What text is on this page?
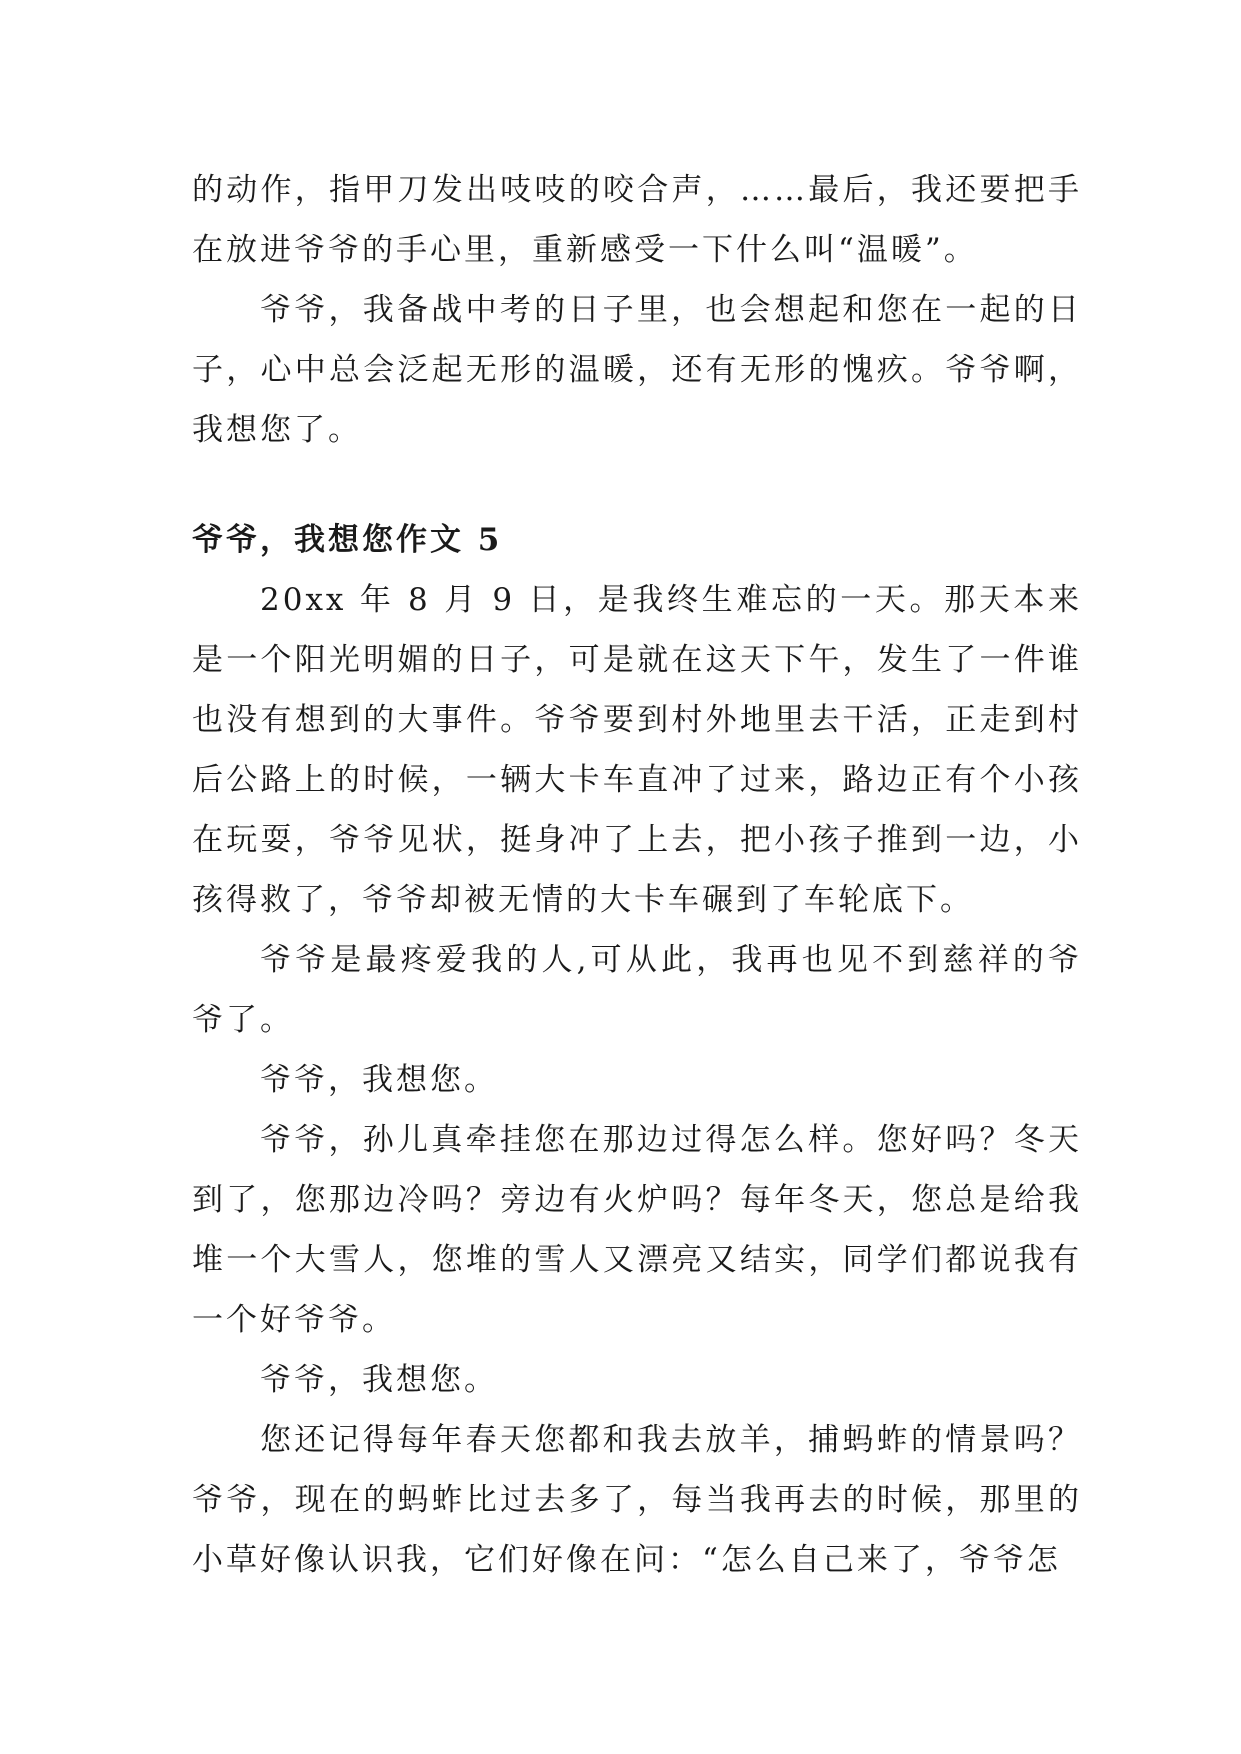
的动作，指甲刀发出吱吱的咬合声，……最后，我还要把手在放进爷爷的手心里，重新感受一下什么叫“温暖”。

爷爷，我备战中考的日子里，也会想起和您在一起的日子，心中总会泛起无形的温暖，还有无形的愧疚。爷爷啊，我想您了。

爷爷，我想您作文 5

20xx 年 8 月 9 日，是我终生难忘的一天。那天本来是一个阳光明媚的日子，可是就在这天下午，发生了一件谁也没有想到的大事件。爷爷要到村外地里去干活，正走到村后公路上的时候，一辆大卡车直冲了过来，路边正有个小孩在玩耍，爷爷见状，挺身冲了上去，把小孩子推到一边，小孩得救了，爷爷却被无情的大卡车碾到了车轮底下。

爷爷是最疼爱我的人,可从此，我再也见不到慈祥的爷爷了。

爷爷，我想您。

爷爷，孙儿真牵挂您在那边过得怎么样。您好吗？冬天到了，您那边冷吗？旁边有火炉吗？每年冬天，您总是给我堆一个大雪人，您堆的雪人又漂亮又结实，同学们都说我有一个好爷爷。

爷爷，我想您。

您还记得每年春天您都和我去放羊，捕蚂蚱的情景吗？爷爷，现在的蚂蚱比过去多了，每当我再去的时候，那里的小草好像认识我，它们好像在问：“怎么自己来了，爷爷怎
